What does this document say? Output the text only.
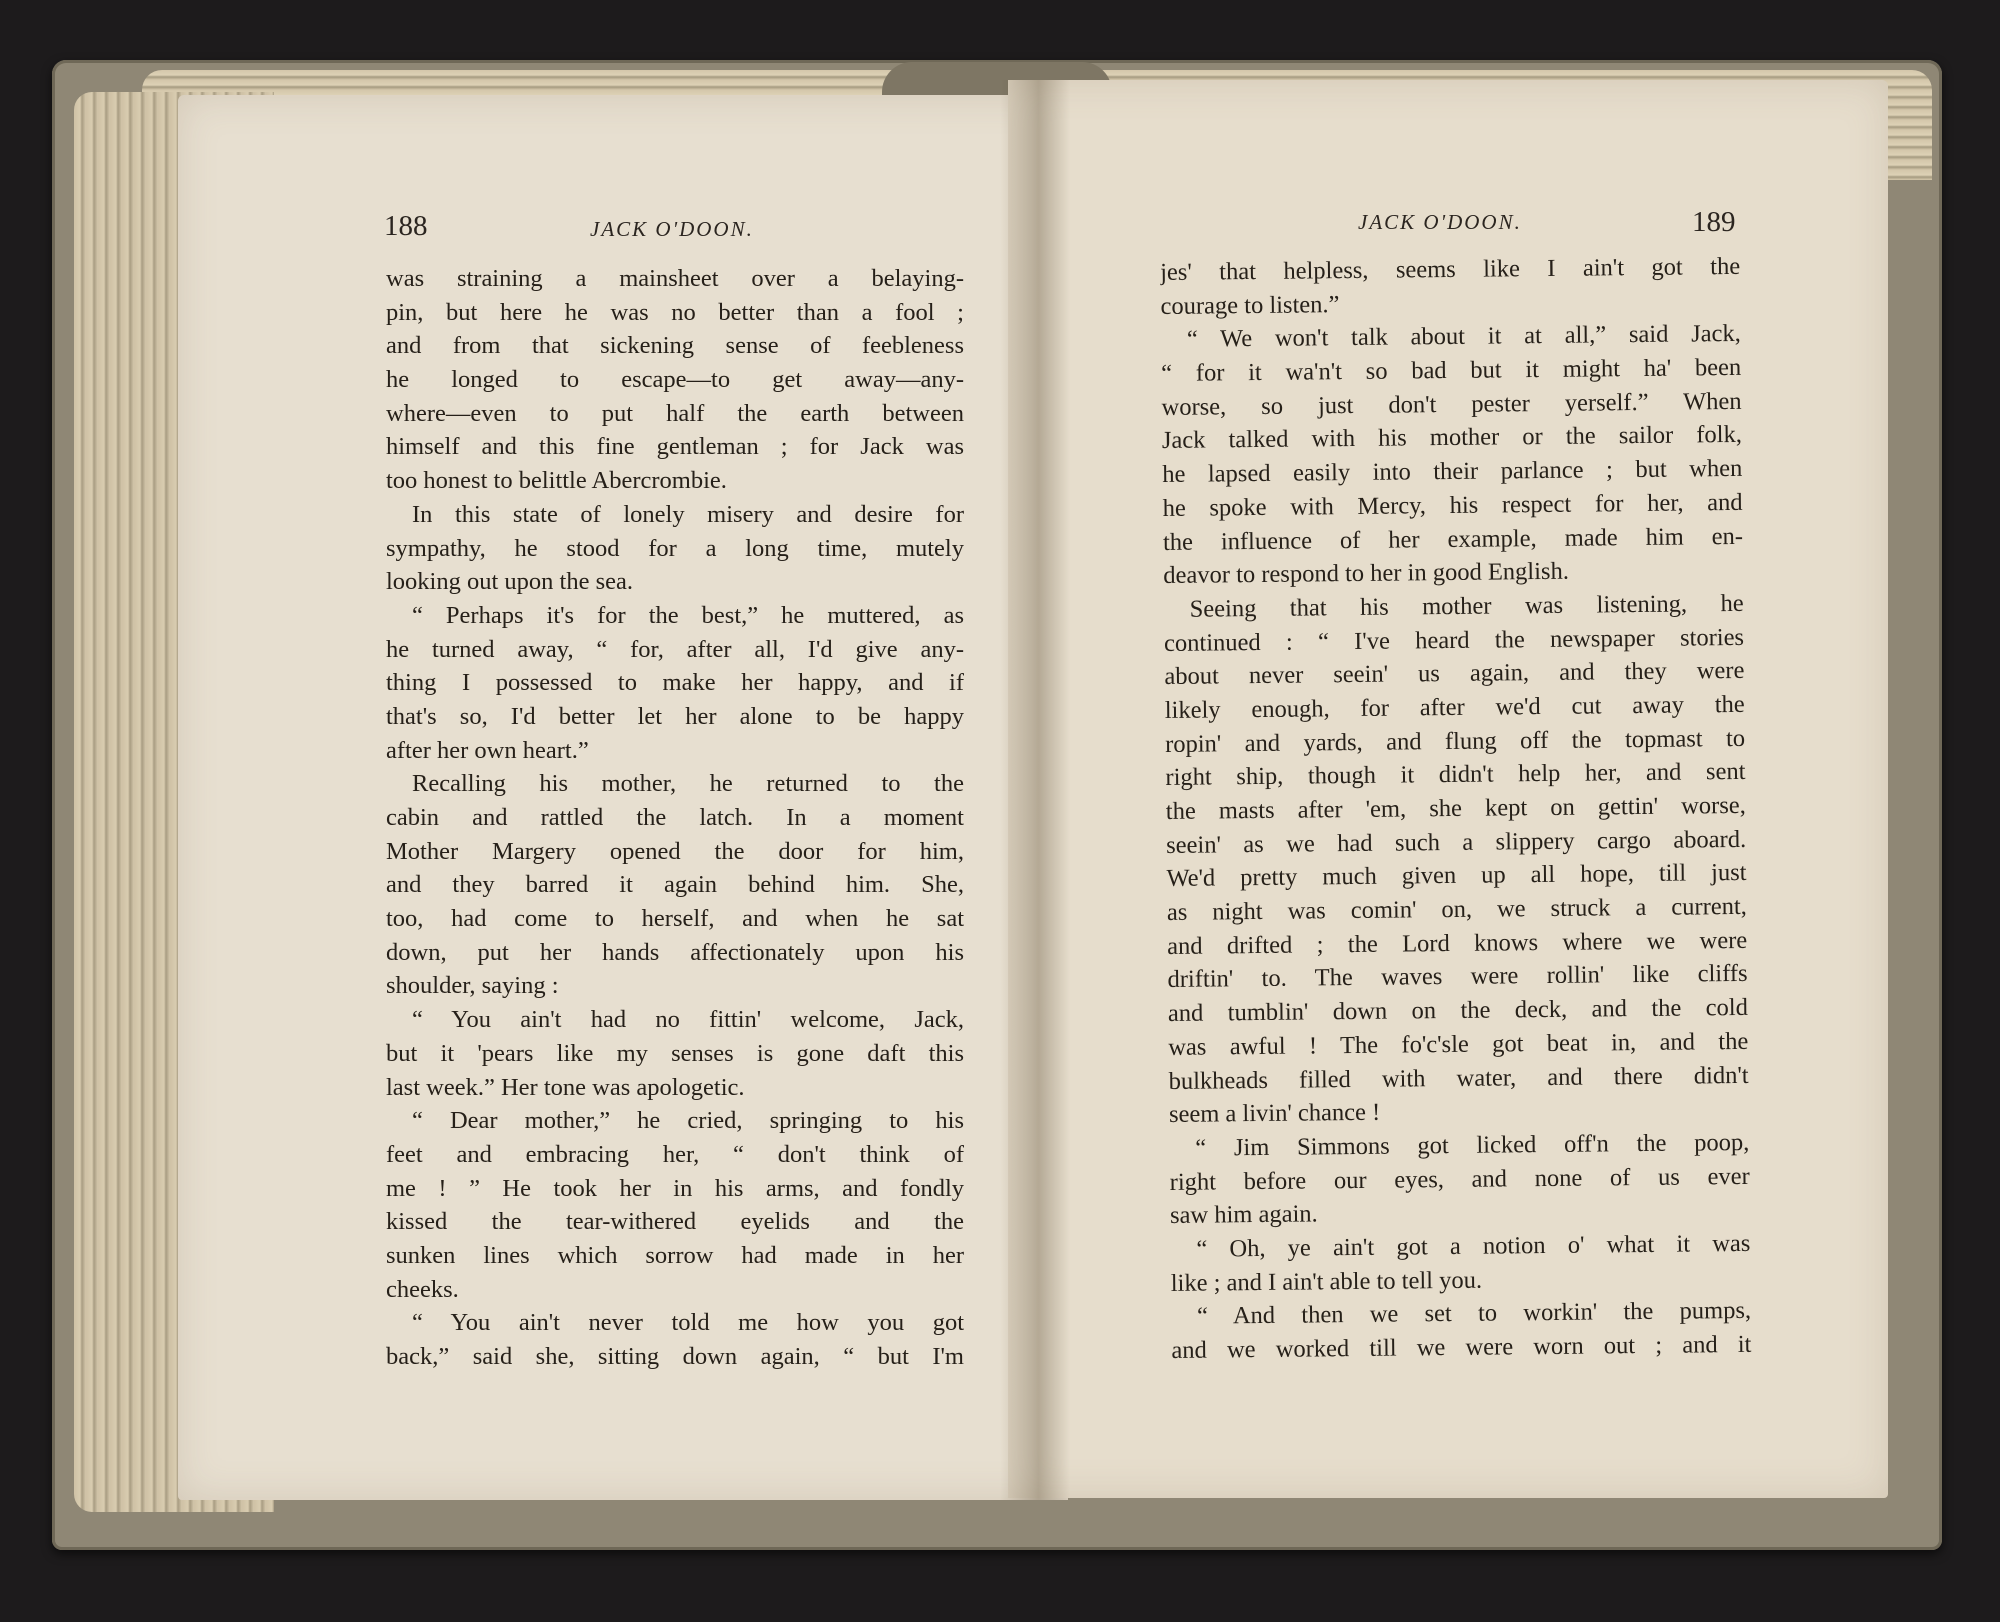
188	JACK O'DOON.	JACK O'DOON.	189
was straining a mainsheet over a belaying-
pin, but here he was no better than a fool ;
and from that sickening sense of feebleness
he longed to escape—to get away—any-
where—even to put half the earth between
himself and this fine gentleman ; for Jack was
too honest to belittle Abercrombie.
In this state of lonely misery and desire for
sympathy, he stood for a long time, mutely
looking out upon the sea.
“ Perhaps it's for the best,” he muttered, as
he turned away, “ for, after all, I'd give any-
thing I possessed to make her happy, and if
that's so, I'd better let her alone to be happy
after her own heart.”
Recalling his mother, he returned to the
cabin and rattled the latch. In a moment
Mother Margery opened the door for him,
and they barred it again behind him. She,
too, had come to herself, and when he sat
down, put her hands affectionately upon his
shoulder, saying :
“ You ain't had no fittin' welcome, Jack,
but it 'pears like my senses is gone daft this
last week.” Her tone was apologetic.
“ Dear mother,” he cried, springing to his
feet and embracing her, “ don't think of
me ! ” He took her in his arms, and fondly
kissed the tear-withered eyelids and the
sunken lines which sorrow had made in her
cheeks.
“ You ain't never told me how you got
back,” said she, sitting down again, “ but I'm
jes' that helpless, seems like I ain't got the
courage to listen.”
“ We won't talk about it at all,” said Jack,
“ for it wa'n't so bad but it might ha' been
worse, so just don't pester yerself.” When
Jack talked with his mother or the sailor folk,
he lapsed easily into their parlance ; but when
he spoke with Mercy, his respect for her, and
the influence of her example, made him en-
deavor to respond to her in good English.
Seeing that his mother was listening, he
continued : “ I've heard the newspaper stories
about never seein' us again, and they were
likely enough, for after we'd cut away the
ropin' and yards, and flung off the topmast to
right ship, though it didn't help her, and sent
the masts after 'em, she kept on gettin' worse,
seein' as we had such a slippery cargo aboard.
We'd pretty much given up all hope, till just
as night was comin' on, we struck a current,
and drifted ; the Lord knows where we were
driftin' to. The waves were rollin' like cliffs
and tumblin' down on the deck, and the cold
was awful ! The fo'c'sle got beat in, and the
bulkheads filled with water, and there didn't
seem a livin' chance !
“ Jim Simmons got licked off'n the poop,
right before our eyes, and none of us ever
saw him again.
“ Oh, ye ain't got a notion o' what it was
like ; and I ain't able to tell you.
“ And then we set to workin' the pumps,
and we worked till we were worn out ; and it
